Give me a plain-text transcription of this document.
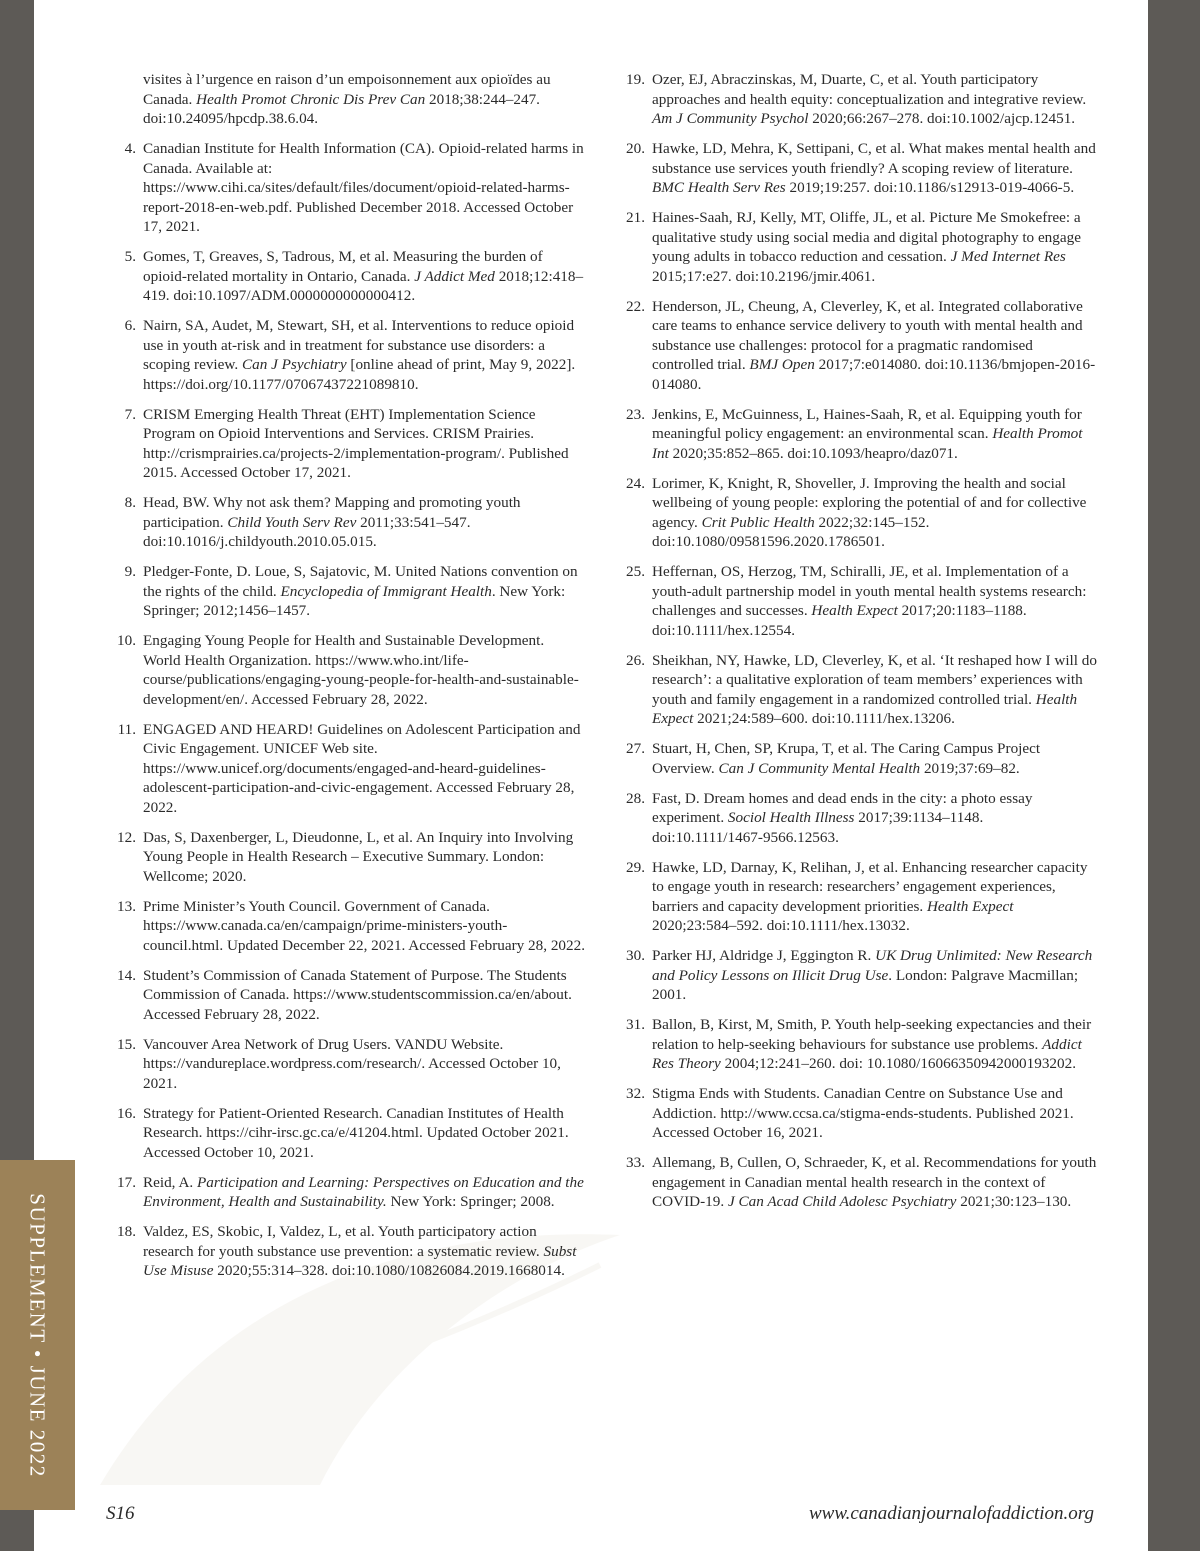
SUPPLEMENT • JUNE 2022
visites à l’urgence en raison d’un empoisonnement aux opioïdes au Canada. Health Promot Chronic Dis Prev Can 2018;38:244–247. doi:10.24095/hpcdp.38.6.04.
4. Canadian Institute for Health Information (CA). Opioid-related harms in Canada. Available at: https://www.cihi.ca/sites/default/files/document/opioid-related-harms-report-2018-en-web.pdf. Published December 2018. Accessed October 17, 2021.
5. Gomes, T, Greaves, S, Tadrous, M, et al. Measuring the burden of opioid-related mortality in Ontario, Canada. J Addict Med 2018;12:418–419. doi:10.1097/ADM.0000000000000412.
6. Nairn, SA, Audet, M, Stewart, SH, et al. Interventions to reduce opioid use in youth at-risk and in treatment for substance use disorders: a scoping review. Can J Psychiatry [online ahead of print, May 9, 2022]. https://doi.org/10.1177/07067437221089810.
7. CRISM Emerging Health Threat (EHT) Implementation Science Program on Opioid Interventions and Services. CRISM Prairies. http://crismprairies.ca/projects-2/implementation-program/. Published 2015. Accessed October 17, 2021.
8. Head, BW. Why not ask them? Mapping and promoting youth participation. Child Youth Serv Rev 2011;33:541–547. doi:10.1016/j.childyouth.2010.05.015.
9. Pledger-Fonte, D. Loue, S, Sajatovic, M. United Nations convention on the rights of the child. Encyclopedia of Immigrant Health. New York: Springer; 2012;1456–1457.
10. Engaging Young People for Health and Sustainable Development. World Health Organization. https://www.who.int/life-course/publications/engaging-young-people-for-health-and-sustainable-development/en/. Accessed February 28, 2022.
11. ENGAGED AND HEARD! Guidelines on Adolescent Participation and Civic Engagement. UNICEF Web site. https://www.unicef.org/documents/engaged-and-heard-guidelines-adolescent-participation-and-civic-engagement. Accessed February 28, 2022.
12. Das, S, Daxenberger, L, Dieudonne, L, et al. An Inquiry into Involving Young People in Health Research – Executive Summary. London: Wellcome; 2020.
13. Prime Minister’s Youth Council. Government of Canada. https://www.canada.ca/en/campaign/prime-ministers-youth-council.html. Updated December 22, 2021. Accessed February 28, 2022.
14. Student’s Commission of Canada Statement of Purpose. The Students Commission of Canada. https://www.studentscommission.ca/en/about. Accessed February 28, 2022.
15. Vancouver Area Network of Drug Users. VANDU Website. https://vandureplace.wordpress.com/research/. Accessed October 10, 2021.
16. Strategy for Patient-Oriented Research. Canadian Institutes of Health Research. https://cihr-irsc.gc.ca/e/41204.html. Updated October 2021. Accessed October 10, 2021.
17. Reid, A. Participation and Learning: Perspectives on Education and the Environment, Health and Sustainability. New York: Springer; 2008.
18. Valdez, ES, Skobic, I, Valdez, L, et al. Youth participatory action research for youth substance use prevention: a systematic review. Subst Use Misuse 2020;55:314–328. doi:10.1080/10826084.2019.1668014.
19. Ozer, EJ, Abraczinskas, M, Duarte, C, et al. Youth participatory approaches and health equity: conceptualization and integrative review. Am J Community Psychol 2020;66:267–278. doi:10.1002/ajcp.12451.
20. Hawke, LD, Mehra, K, Settipani, C, et al. What makes mental health and substance use services youth friendly? A scoping review of literature. BMC Health Serv Res 2019;19:257. doi:10.1186/s12913-019-4066-5.
21. Haines-Saah, RJ, Kelly, MT, Oliffe, JL, et al. Picture Me Smokefree: a qualitative study using social media and digital photography to engage young adults in tobacco reduction and cessation. J Med Internet Res 2015;17:e27. doi:10.2196/jmir.4061.
22. Henderson, JL, Cheung, A, Cleverley, K, et al. Integrated collaborative care teams to enhance service delivery to youth with mental health and substance use challenges: protocol for a pragmatic randomised controlled trial. BMJ Open 2017;7:e014080. doi:10.1136/bmjopen-2016-014080.
23. Jenkins, E, McGuinness, L, Haines-Saah, R, et al. Equipping youth for meaningful policy engagement: an environmental scan. Health Promot Int 2020;35:852–865. doi:10.1093/heapro/daz071.
24. Lorimer, K, Knight, R, Shoveller, J. Improving the health and social wellbeing of young people: exploring the potential of and for collective agency. Crit Public Health 2022;32:145–152. doi:10.1080/09581596.2020.1786501.
25. Heffernan, OS, Herzog, TM, Schiralli, JE, et al. Implementation of a youth-adult partnership model in youth mental health systems research: challenges and successes. Health Expect 2017;20:1183–1188. doi:10.1111/hex.12554.
26. Sheikhan, NY, Hawke, LD, Cleverley, K, et al. ‘It reshaped how I will do research’: a qualitative exploration of team members’ experiences with youth and family engagement in a randomized controlled trial. Health Expect 2021;24:589–600. doi:10.1111/hex.13206.
27. Stuart, H, Chen, SP, Krupa, T, et al. The Caring Campus Project Overview. Can J Community Mental Health 2019;37:69–82.
28. Fast, D. Dream homes and dead ends in the city: a photo essay experiment. Sociol Health Illness 2017;39:1134–1148. doi:10.1111/1467-9566.12563.
29. Hawke, LD, Darnay, K, Relihan, J, et al. Enhancing researcher capacity to engage youth in research: researchers’ engagement experiences, barriers and capacity development priorities. Health Expect 2020;23:584–592. doi:10.1111/hex.13032.
30. Parker HJ, Aldridge J, Eggington R. UK Drug Unlimited: New Research and Policy Lessons on Illicit Drug Use. London: Palgrave Macmillan; 2001.
31. Ballon, B, Kirst, M, Smith, P. Youth help-seeking expectancies and their relation to help-seeking behaviours for substance use problems. Addict Res Theory 2004;12:241–260. doi: 10.1080/16066350942000193202.
32. Stigma Ends with Students. Canadian Centre on Substance Use and Addiction. http://www.ccsa.ca/stigma-ends-students. Published 2021. Accessed October 16, 2021.
33. Allemang, B, Cullen, O, Schraeder, K, et al. Recommendations for youth engagement in Canadian mental health research in the context of COVID-19. J Can Acad Child Adolesc Psychiatry 2021;30:123–130.
S16	www.canadianjournalofaddiction.org
